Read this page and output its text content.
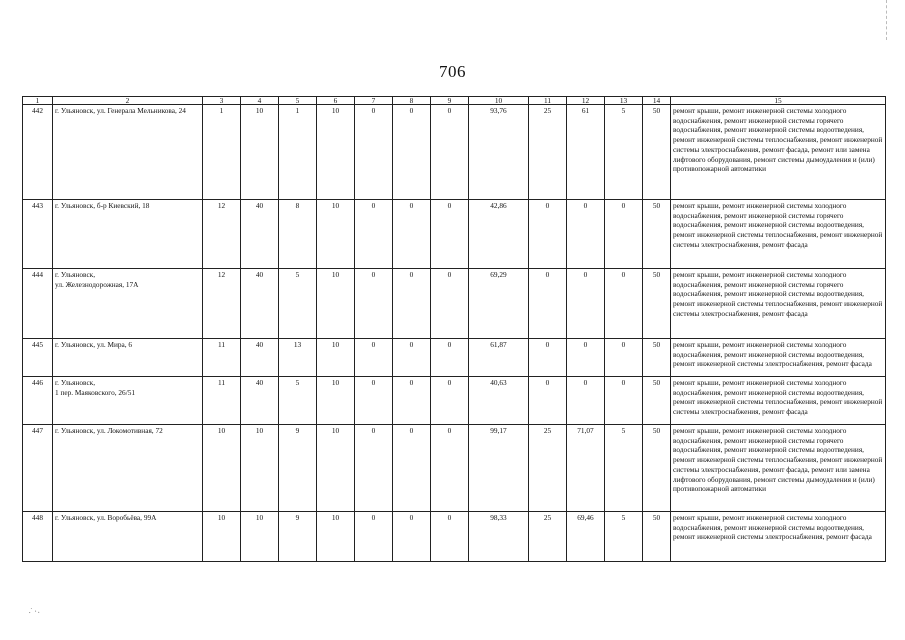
706
1	2	3	4	5	6	7	8	9	10	11	12	13	14	15
442	г. Ульяновск, ул. Генерала Мельникова, 24	1	10	1	10	0	0	0	93,76	25	61	5	50	ремонт крыши, ремонт инженерной системы холодного водоснабжения, ремонт инженерной системы горячего водоснабжения, ремонт инженерной системы водоотведения, ремонт инженерной системы теплоснабжения, ремонт инженерной системы электроснабжения, ремонт фасада, ремонт или замена лифтового оборудования, ремонт системы дымоудаления и (или) противопожарной автоматики
443	г. Ульяновск, б-р Киевский, 18	12	40	8	10	0	0	0	42,86	0	0	0	50	ремонт крыши, ремонт инженерной системы холодного водоснабжения, ремонт инженерной системы горячего водоснабжения, ремонт инженерной системы водоотведения, ремонт инженерной системы теплоснабжения, ремонт инженерной системы электроснабжения, ремонт фасада
444	г. Ульяновск,
ул. Железнодорожная, 17А	12	40	5	10	0	0	0	69,29	0	0	0	50	ремонт крыши, ремонт инженерной системы холодного водоснабжения, ремонт инженерной системы горячего водоснабжения, ремонт инженерной системы водоотведения, ремонт инженерной системы теплоснабжения, ремонт инженерной системы электроснабжения, ремонт фасада
445	г. Ульяновск, ул. Мира, 6	11	40	13	10	0	0	0	61,87	0	0	0	50	ремонт крыши, ремонт инженерной системы холодного водоснабжения, ремонт инженерной системы водоотведения, ремонт инженерной системы электроснабжения, ремонт фасада
446	г. Ульяновск,
1 пер. Маяковского, 26/51	11	40	5	10	0	0	0	40,63	0	0	0	50	ремонт крыши, ремонт инженерной системы холодного водоснабжения, ремонт инженерной системы водоотведения, ремонт инженерной системы теплоснабжения, ремонт инженерной системы электроснабжения, ремонт фасада
447	г. Ульяновск, ул. Локомотивная, 72	10	10	9	10	0	0	0	99,17	25	71,07	5	50	ремонт крыши, ремонт инженерной системы холодного водоснабжения, ремонт инженерной системы горячего водоснабжения, ремонт инженерной системы водоотведения, ремонт инженерной системы теплоснабжения, ремонт инженерной системы электроснабжения, ремонт фасада, ремонт или замена лифтового оборудования, ремонт системы дымоудаления и (или) противопожарной автоматики
448	г. Ульяновск, ул. Воробьёва, 99А	10	10	9	10	0	0	0	98,33	25	69,46	5	50	ремонт крыши, ремонт инженерной системы холодного водоснабжения, ремонт инженерной системы водоотведения, ремонт инженерной системы электроснабжения, ремонт фасада
·˙·.
